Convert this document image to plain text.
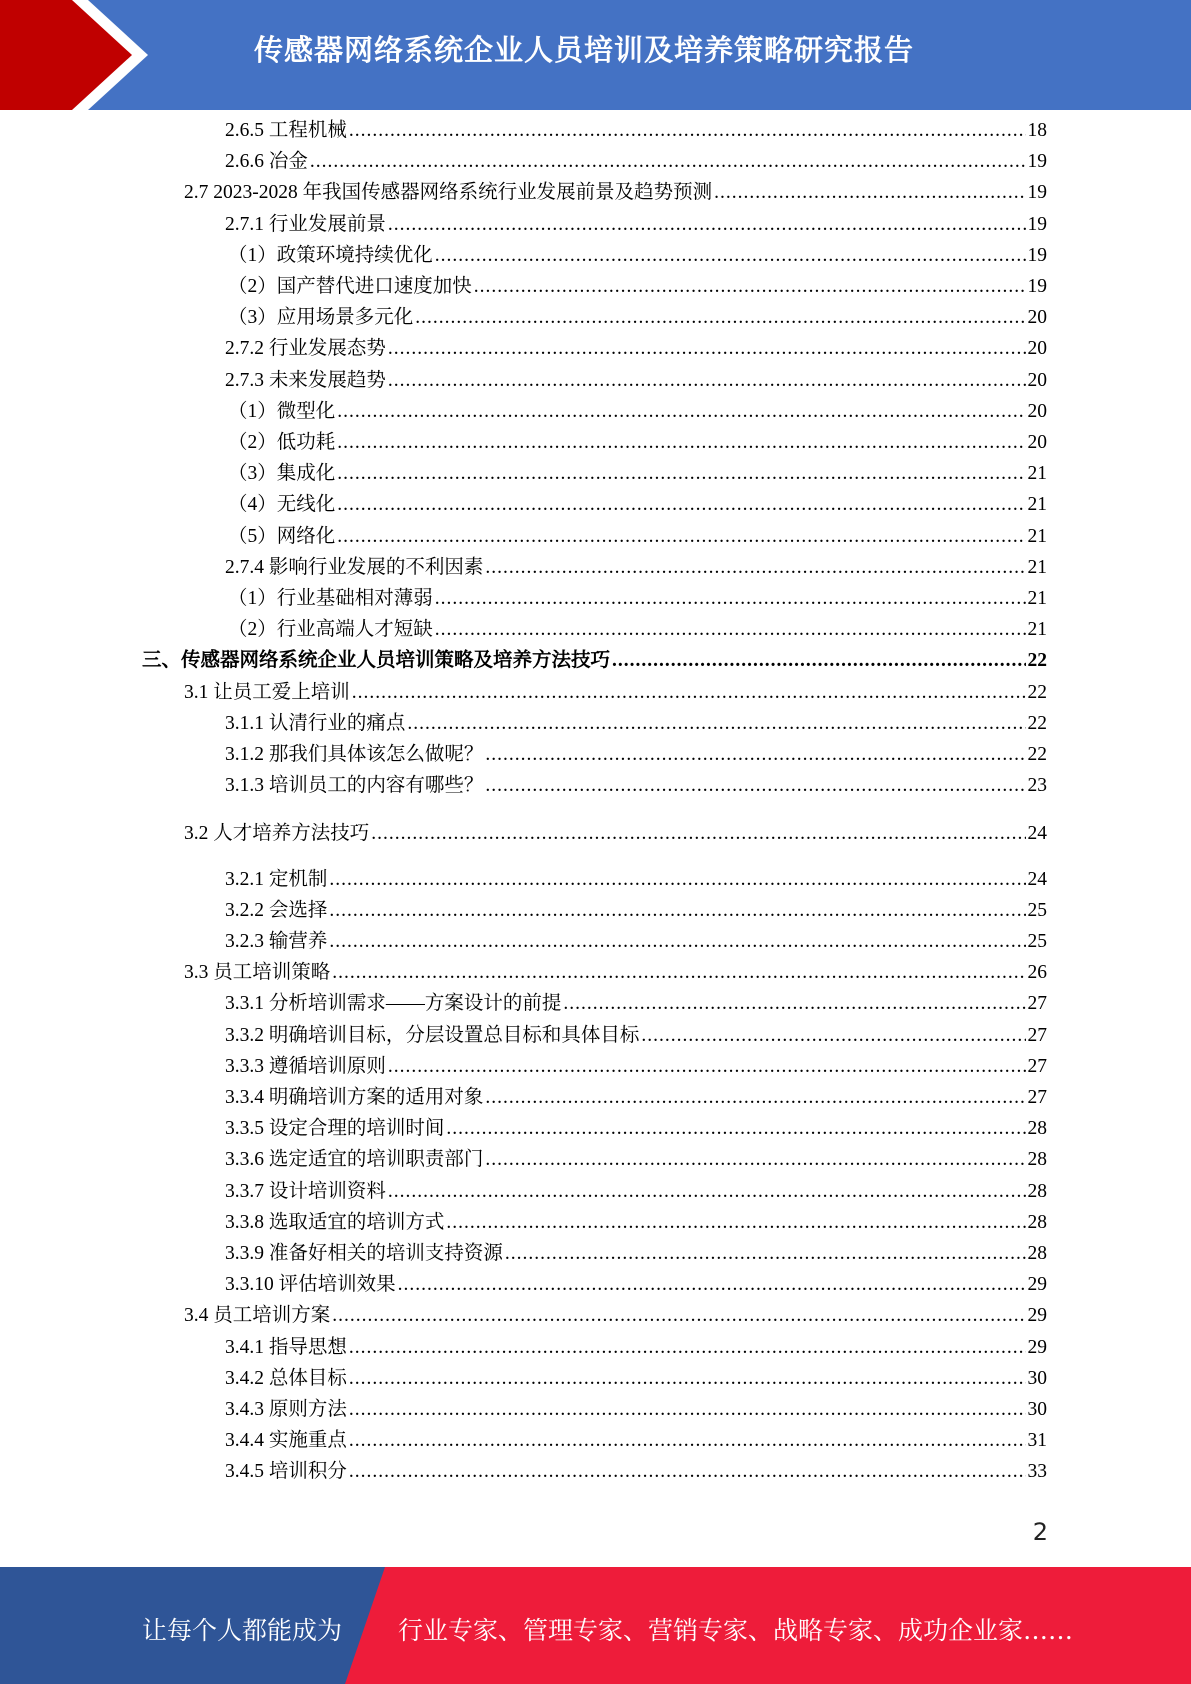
传感器网络系统企业人员培训及培养策略研究报告
2.6.5 工程机械 .....	18
2.6.6 冶金 .....	19
2.7 2023-2028 年我国传感器网络系统行业发展前景及趋势预测 .....	19
2.7.1 行业发展前景 .....	19
（1）政策环境持续优化 .....	19
（2）国产替代进口速度加快 .....	19
（3）应用场景多元化 .....	20
2.7.2 行业发展态势 .....	20
2.7.3 未来发展趋势 .....	20
（1）微型化 .....	20
（2）低功耗 .....	20
（3）集成化 .....	21
（4）无线化 .....	21
（5）网络化 .....	21
2.7.4 影响行业发展的不利因素 .....	21
（1）行业基础相对薄弱 .....	21
（2）行业高端人才短缺 .....	21
三、传感器网络系统企业人员培训策略及培养方法技巧 .....	22
3.1 让员工爱上培训 .....	22
3.1.1 认清行业的痛点 .....	22
3.1.2 那我们具体该怎么做呢？ .....	22
3.1.3 培训员工的内容有哪些？ .....	23
3.2 人才培养方法技巧 .....	24
3.2.1 定机制 .....	24
3.2.2 会选择 .....	25
3.2.3 输营养 .....	25
3.3 员工培训策略 .....	26
3.3.1 分析培训需求——方案设计的前提 .....	27
3.3.2 明确培训目标，分层设置总目标和具体目标 .....	27
3.3.3 遵循培训原则 .....	27
3.3.4 明确培训方案的适用对象 .....	27
3.3.5 设定合理的培训时间 .....	28
3.3.6 选定适宜的培训职责部门 .....	28
3.3.7 设计培训资料 .....	28
3.3.8 选取适宜的培训方式 .....	28
3.3.9 准备好相关的培训支持资源 .....	28
3.3.10 评估培训效果 .....	29
3.4 员工培训方案 .....	29
3.4.1 指导思想 .....	29
3.4.2 总体目标 .....	30
3.4.3 原则方法 .....	30
3.4.4 实施重点 .....	31
3.4.5 培训积分 .....	33
2
让每个人都能成为 行业专家、管理专家、营销专家、战略专家、成功企业家……
